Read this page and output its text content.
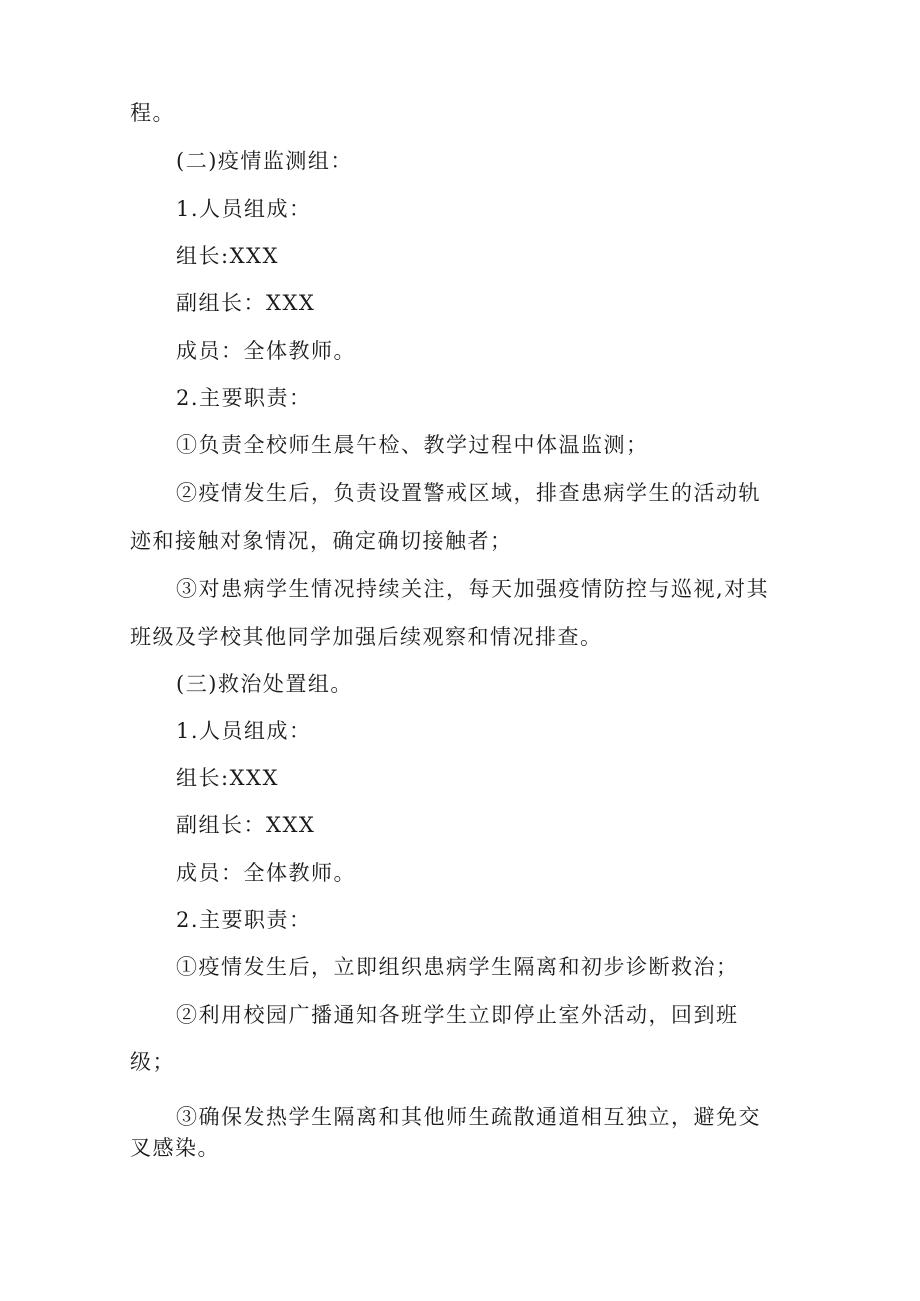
程。
(二)疫情监测组：
1.人员组成：
组长:XXX
副组长：XXX
成员：全体教师。
2.主要职责：
①负责全校师生晨午检、教学过程中体温监测；
②疫情发生后，负责设置警戒区域，排查患病学生的活动轨
迹和接触对象情况，确定确切接触者；
③对患病学生情况持续关注，每天加强疫情防控与巡视,对其
班级及学校其他同学加强后续观察和情况排查。
(三)救治处置组。
1.人员组成：
组长:XXX
副组长：XXX
成员：全体教师。
2.主要职责：
①疫情发生后，立即组织患病学生隔离和初步诊断救治；
②利用校园广播通知各班学生立即停止室外活动，回到班
级；
③确保发热学生隔离和其他师生疏散通道相互独立，避免交
叉感染。
